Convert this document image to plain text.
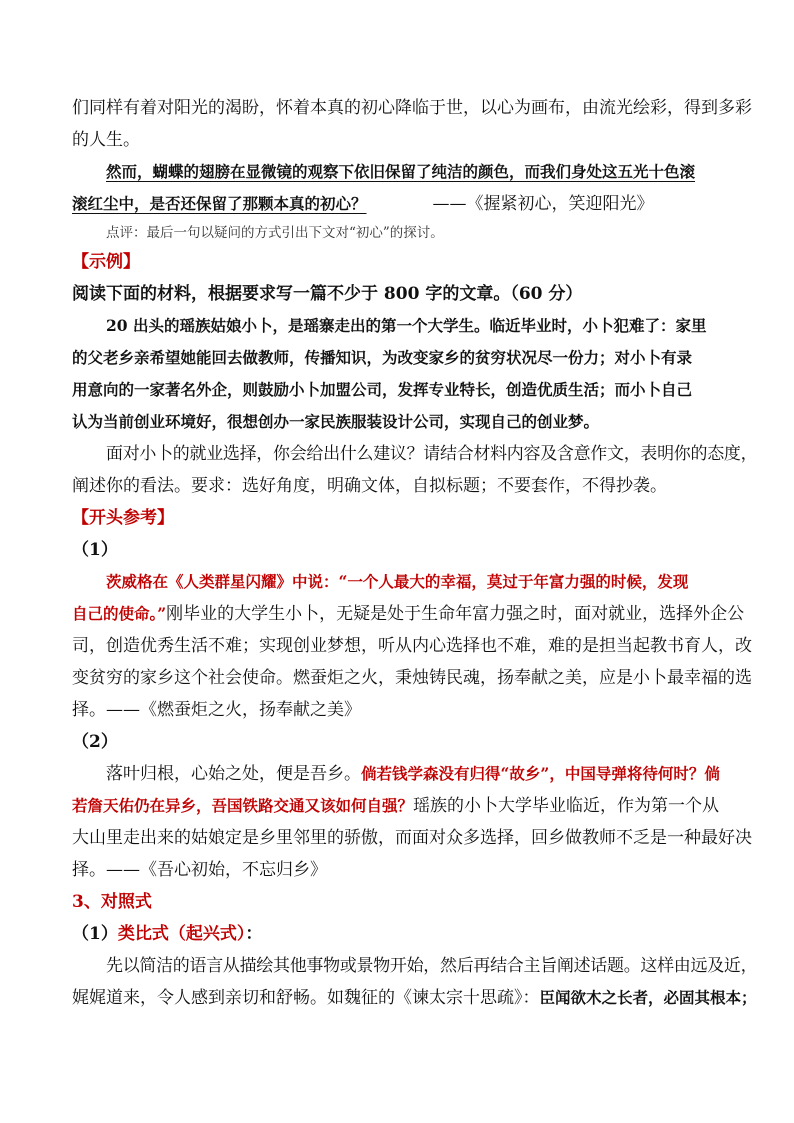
们同样有着对阳光的渴盼，怀着本真的初心降临于世，以心为画布，由流光绘彩，得到多彩
的人生。
然而，蝴蝶的翅膀在显微镜的观察下依旧保留了纯洁的颜色，而我们身处这五光十色滚
滚红尘中，是否还保留了那颗本真的初心？	——《握紧初心，笑迎阳光》
点评：最后一句以疑问的方式引出下文对“初心”的探讨。
【示例】
阅读下面的材料，根据要求写一篇不少于 800 字的文章。（60 分）
20 出头的瑶族姑娘小卜，是瑶寨走出的第一个大学生。临近毕业时，小卜犯难了：家里
的父老乡亲希望她能回去做教师，传播知识，为改变家乡的贫穷状况尽一份力；对小卜有录
用意向的一家著名外企，则鼓励小卜加盟公司，发挥专业特长，创造优质生活；而小卜自己
认为当前创业环境好，很想创办一家民族服装设计公司，实现自己的创业梦。
面对小卜的就业选择，你会给出什么建议？请结合材料内容及含意作文，表明你的态度，
阐述你的看法。要求：选好角度，明确文体，自拟标题；不要套作，不得抄袭。
【开头参考】
（1）
茨威格在《人类群星闪耀》中说：“一个人最大的幸福，莫过于年富力强的时候，发现
自己的使命。”刚毕业的大学生小卜，无疑是处于生命年富力强之时，面对就业，选择外企公
司，创造优秀生活不难；实现创业梦想，听从内心选择也不难，难的是担当起教书育人，改
变贫穷的家乡这个社会使命。燃蚕炬之火，秉烛铸民魂，扬奉献之美，应是小卜最幸福的选
择。——《燃蚕炬之火，扬奉献之美》
（2）
落叶归根，心始之处，便是吾乡。倘若钱学森没有归得“故乡”，中国导弹将待何时？倘
若詹天佑仍在异乡，吾国铁路交通又该如何自强？瑶族的小卜大学毕业临近，作为第一个从
大山里走出来的姑娘定是乡里邻里的骄傲，而面对众多选择，回乡做教师不乏是一种最好决
择。——《吾心初始，不忘归乡》
3、对照式
（1）类比式（起兴式）：
先以简洁的语言从描绘其他事物或景物开始，然后再结合主旨阐述话题。这样由远及近，
娓娓道来，令人感到亲切和舒畅。如魏征的《谏太宗十思疏》：臣闻欲木之长者，必固其根本；
